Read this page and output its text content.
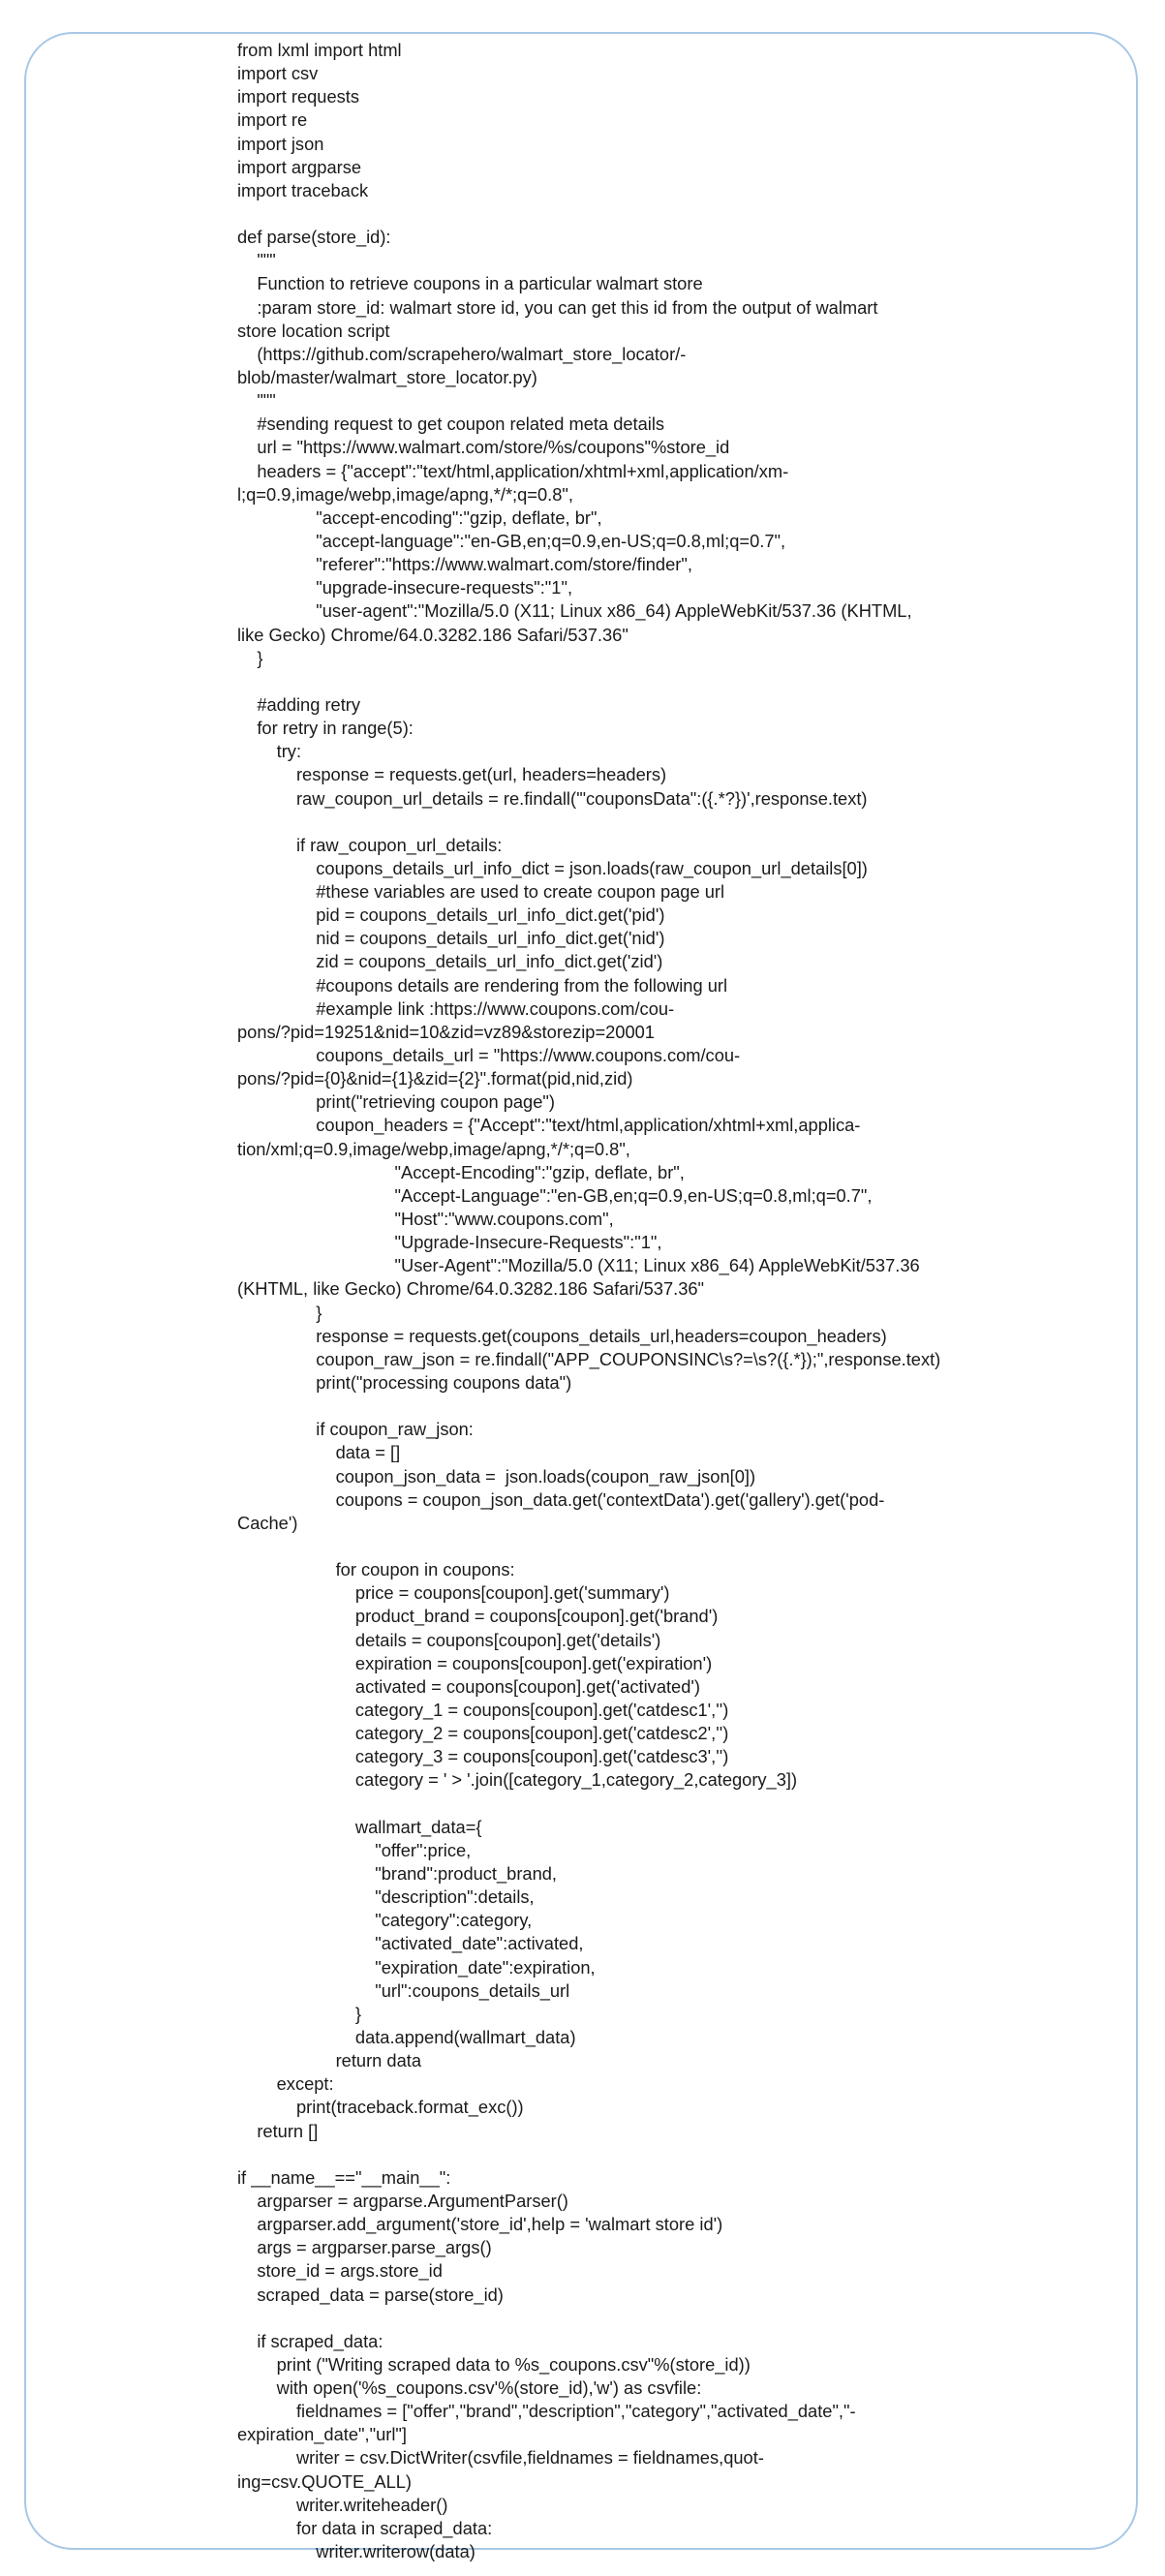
from lxml import html
import csv
import requests
import re
import json
import argparse
import traceback
def parse(store_id):
"""
Function to retrieve coupons in a particular walmart store
:param store_id: walmart store id, you can get this id from the output of walmart
store location script
(https://github.com/scrapehero/walmart_store_locator/-
blob/master/walmart_store_locator.py)
"""
#sending request to get coupon related meta details
url = "https://www.walmart.com/store/%s/coupons"%store_id
headers = {"accept":"text/html,application/xhtml+xml,application/xm-
l;q=0.9,image/webp,image/apng,*/*;q=0.8",
"accept-encoding":"gzip, deflate, br",
"accept-language":"en-GB,en;q=0.9,en-US;q=0.8,ml;q=0.7",
"referer":"https://www.walmart.com/store/finder",
"upgrade-insecure-requests":"1",
"user-agent":"Mozilla/5.0 (X11; Linux x86_64) AppleWebKit/537.36 (KHTML,
like Gecko) Chrome/64.0.3282.186 Safari/537.36"
}
#adding retry
for retry in range(5):
try:
response = requests.get(url, headers=headers)
raw_coupon_url_details = re.findall('"couponsData":({.*?})',response.text)
if raw_coupon_url_details:
coupons_details_url_info_dict = json.loads(raw_coupon_url_details[0])
#these variables are used to create coupon page url
pid = coupons_details_url_info_dict.get('pid')
nid = coupons_details_url_info_dict.get('nid')
zid = coupons_details_url_info_dict.get('zid')
#coupons details are rendering from the following url
#example link :https://www.coupons.com/cou-
pons/?pid=19251&nid=10&zid=vz89&storezip=20001
coupons_details_url = "https://www.coupons.com/cou-
pons/?pid={0}&nid={1}&zid={2}".format(pid,nid,zid)
print("retrieving coupon page")
coupon_headers = {"Accept":"text/html,application/xhtml+xml,applica-
tion/xml;q=0.9,image/webp,image/apng,*/*;q=0.8",
"Accept-Encoding":"gzip, deflate, br",
"Accept-Language":"en-GB,en;q=0.9,en-US;q=0.8,ml;q=0.7",
"Host":"www.coupons.com",
"Upgrade-Insecure-Requests":"1",
"User-Agent":"Mozilla/5.0 (X11; Linux x86_64) AppleWebKit/537.36
(KHTML, like Gecko) Chrome/64.0.3282.186 Safari/537.36"
}
response = requests.get(coupons_details_url,headers=coupon_headers)
coupon_raw_json = re.findall("APP_COUPONSINC\s?=\s?({.*});",response.text)
print("processing coupons data")
if coupon_raw_json:
data = []
coupon_json_data =  json.loads(coupon_raw_json[0])
coupons = coupon_json_data.get('contextData').get('gallery').get('pod-
Cache')
for coupon in coupons:
price = coupons[coupon].get('summary')
product_brand = coupons[coupon].get('brand')
details = coupons[coupon].get('details')
expiration = coupons[coupon].get('expiration')
activated = coupons[coupon].get('activated')
category_1 = coupons[coupon].get('catdesc1','')
category_2 = coupons[coupon].get('catdesc2','')
category_3 = coupons[coupon].get('catdesc3','')
category = ' > '.join([category_1,category_2,category_3])
wallmart_data={
"offer":price,
"brand":product_brand,
"description":details,
"category":category,
"activated_date":activated,
"expiration_date":expiration,
"url":coupons_details_url
}
data.append(wallmart_data)
return data
except:
print(traceback.format_exc())
return []
if __name__=="__main__":
argparser = argparse.ArgumentParser()
argparser.add_argument('store_id',help = 'walmart store id')
args = argparser.parse_args()
store_id = args.store_id
scraped_data = parse(store_id)
if scraped_data:
print ("Writing scraped data to %s_coupons.csv"%(store_id))
with open('%s_coupons.csv'%(store_id),'w') as csvfile:
fieldnames = ["offer","brand","description","category","activated_date","-
expiration_date","url"]
writer = csv.DictWriter(csvfile,fieldnames = fieldnames,quot-
ing=csv.QUOTE_ALL)
writer.writeheader()
for data in scraped_data:
writer.writerow(data)
